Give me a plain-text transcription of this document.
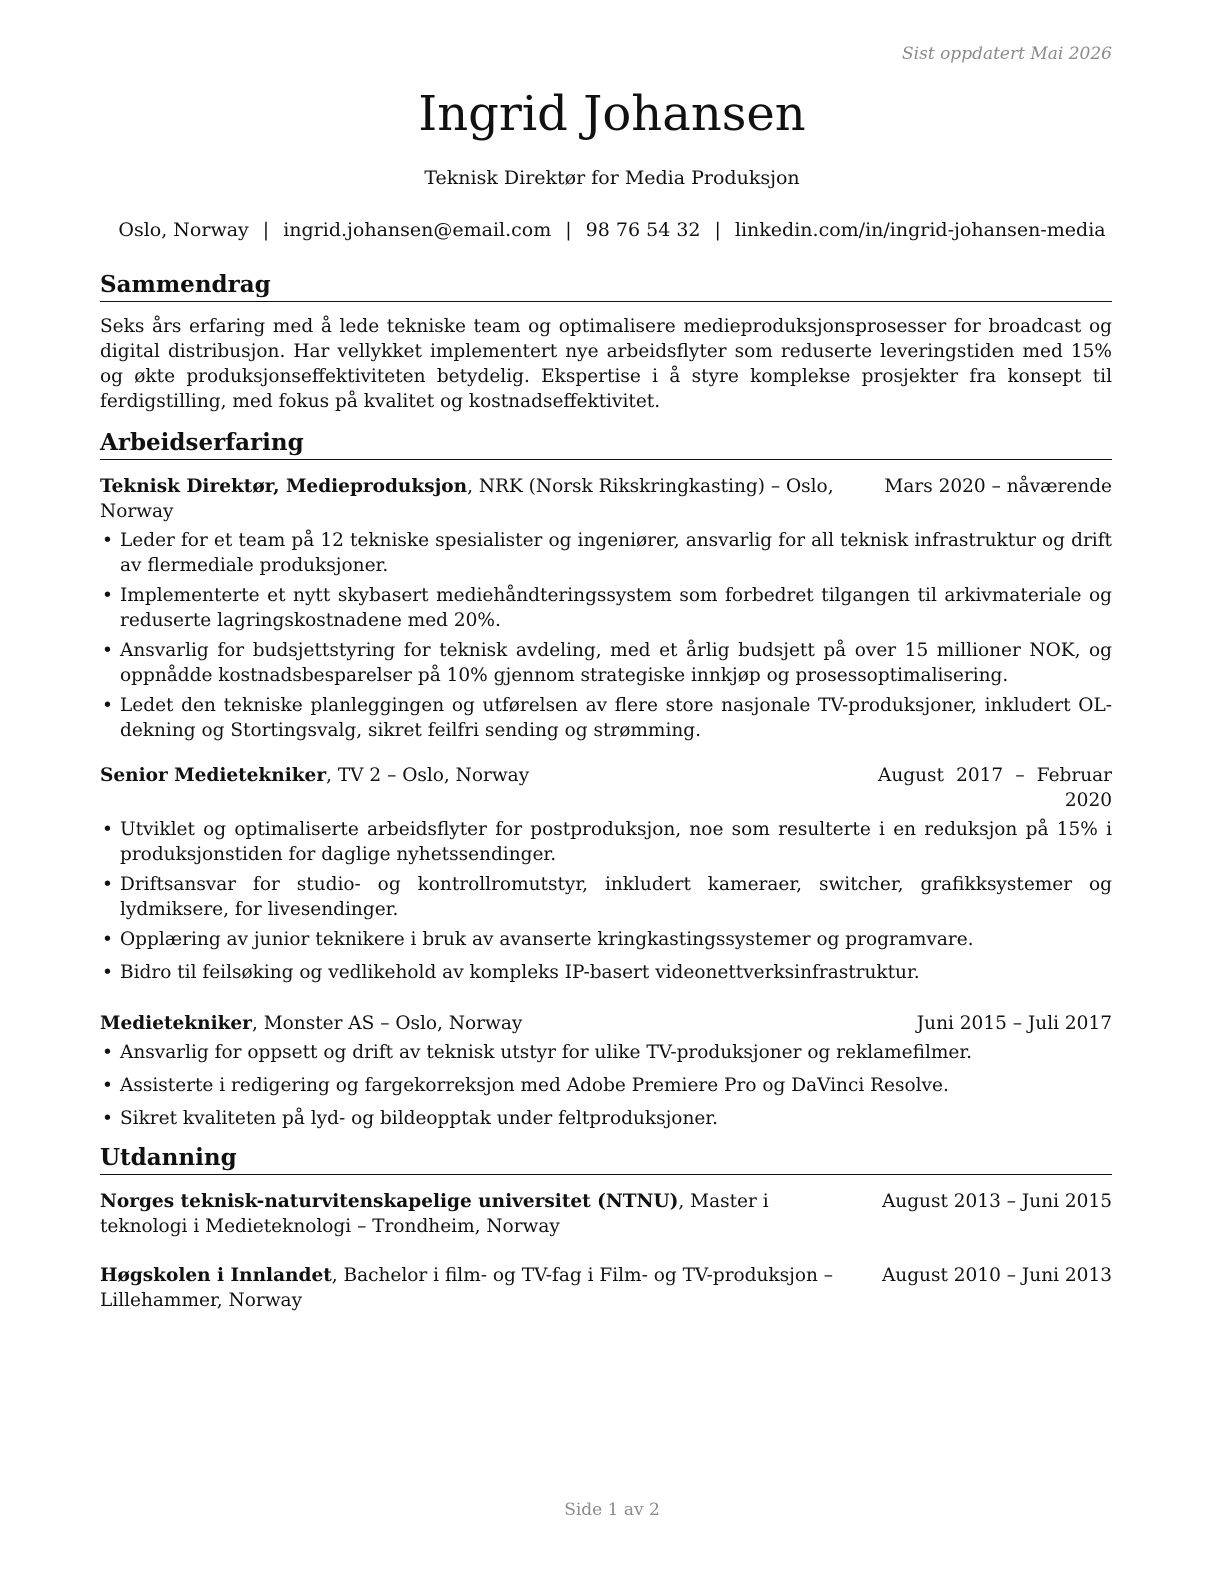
Sist oppdatert Mai 2026
Ingrid Johansen
Teknisk Direktør for Media Produksjon
Oslo, Norway | ingrid.johansen@email.com | 98 76 54 32 | linkedin.com/in/ingrid-johansen-media
Sammendrag

Seks års erfaring med å lede tekniske team og optimalisere medieproduksjonsprosesser for broadcast og digital distribusjon. Har vellykket implementert nye arbeidsflyter som reduserte leveringstiden med 15% og økte produksjonseffektiviteten betydelig. Ekspertise i å styre komplekse prosjekter fra konsept til ferdigstilling, med fokus på kvalitet og kostnadseffektivitet.

Arbeidserfaring
Teknisk Direktør, Medieproduksjon, NRK (Norsk Rikskringkasting) – Oslo, Norway
Mars 2020 – nåværende
• Leder for et team på 12 tekniske spesialister og ingeniører, ansvarlig for all teknisk infrastruktur og drift av flermediale produksjoner.
• Implementerte et nytt skybasert mediehåndteringssystem som forbedret tilgangen til arkivmateriale og reduserte lagringskostnadene med 20%.
• Ansvarlig for budsjettstyring for teknisk avdeling, med et årlig budsjett på over 15 millioner NOK, og oppnådde kostnadsbesparelser på 10% gjennom strategiske innkjøp og prosessoptimalisering.
• Ledet den tekniske planleggingen og utførelsen av flere store nasjonale TV-produksjoner, inkludert OL-dekning og Stortingsvalg, sikret feilfri sending og strømming.
Senior Medietekniker, TV 2 – Oslo, Norway	August 2017 – Februar 2020
• Utviklet og optimaliserte arbeidsflyter for postproduksjon, noe som resulterte i en reduksjon på 15% i produksjonstiden for daglige nyhetssendinger.
• Driftsansvar for studio- og kontrollromutstyr, inkludert kameraer, switcher, grafikksystemer og lydmiksere, for livesendinger.
• Opplæring av junior teknikere i bruk av avanserte kringkastingssystemer og programvare.
• Bidro til feilsøking og vedlikehold av kompleks IP-basert videonettverksinfrastruktur.
Medietekniker, Monster AS – Oslo, Norway	Juni 2015 – Juli 2017
• Ansvarlig for oppsett og drift av teknisk utstyr for ulike TV-produksjoner og reklamefilmer.
• Assisterte i redigering og fargekorreksjon med Adobe Premiere Pro og DaVinci Resolve.
• Sikret kvaliteten på lyd- og bildeopptak under feltproduksjoner.
Utdanning
Norges teknisk-naturvitenskapelige universitet (NTNU), Master i teknologi i Medieteknologi – Trondheim, Norway
August 2013 – Juni 2015
Høgskolen i Innlandet, Bachelor i film- og TV-fag i Film- og TV-produksjon – Lillehammer, Norway
August 2010 – Juni 2013
Side 1 av 2
